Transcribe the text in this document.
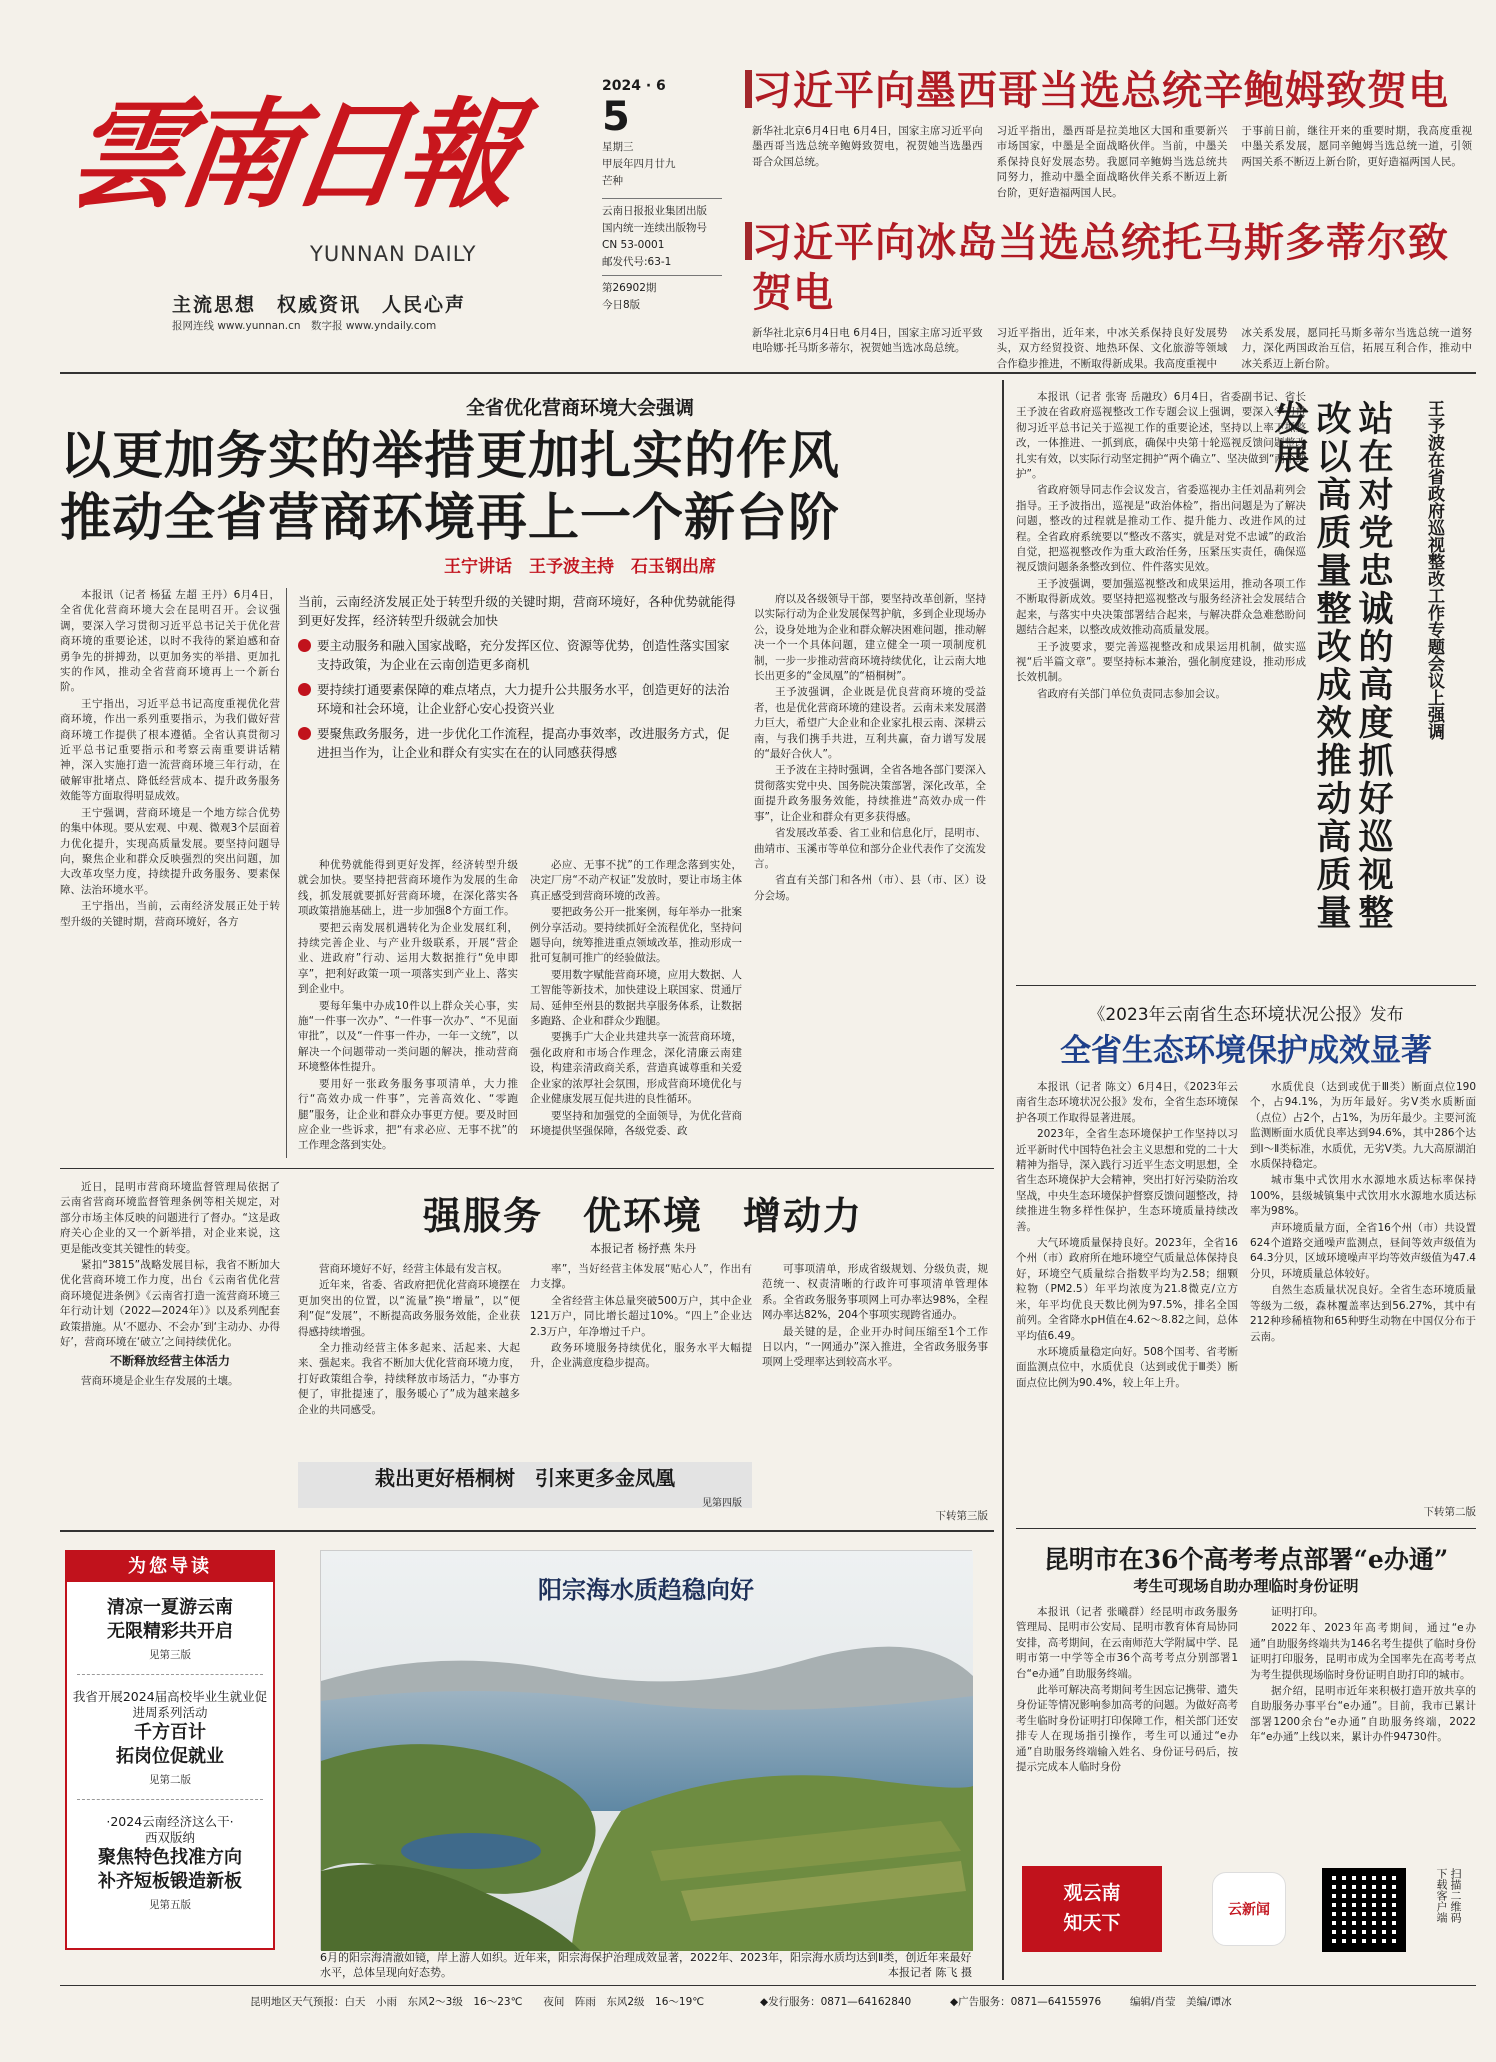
雲南日報
YUNNAN DAILY
主流思想　权威资讯　人民心声
报网连线 www.yunnan.cn　数字报 www.yndaily.com
2024 · 6
5
星期三
甲辰年四月廿九
芒种
云南日报报业集团出版
国内统一连续出版物号
CN 53-0001
邮发代号:63-1
第26902期
今日8版
习近平向墨西哥当选总统辛鲍姆致贺电
新华社北京6月4日电 6月4日，国家主席习近平向墨西哥当选总统辛鲍姆致贺电，祝贺她当选墨西哥合众国总统。
习近平指出，墨西哥是拉美地区大国和重要新兴市场国家，中墨是全面战略伙伴。当前，中墨关系保持良好发展态势。我愿同辛鲍姆当选总统共同努力，推动中墨全面战略伙伴关系不断迈上新台阶，更好造福两国人民。
于事前日前，继往开来的重要时期，我高度重视中墨关系发展，愿同辛鲍姆当选总统一道，引领两国关系不断迈上新台阶，更好造福两国人民。
习近平向冰岛当选总统托马斯多蒂尔致贺电
新华社北京6月4日电 6月4日，国家主席习近平致电哈娜·托马斯多蒂尔，祝贺她当选冰岛总统。
习近平指出，近年来，中冰关系保持良好发展势头，双方经贸投资、地热环保、文化旅游等领域合作稳步推进，不断取得新成果。我高度重视中
冰关系发展，愿同托马斯多蒂尔当选总统一道努力，深化两国政治互信，拓展互利合作，推动中冰关系迈上新台阶。
全省优化营商环境大会强调
以更加务实的举措更加扎实的作风
推动全省营商环境再上一个新台阶
王宁讲话　王予波主持　石玉钢出席

本报讯（记者 杨猛 左超 王丹）6月4日，全省优化营商环境大会在昆明召开。会议强调，要深入学习贯彻习近平总书记关于优化营商环境的重要论述，以时不我待的紧迫感和奋勇争先的拼搏劲，以更加务实的举措、更加扎实的作风，推动全省营商环境再上一个新台阶。

王宁指出，习近平总书记高度重视优化营商环境，作出一系列重要指示，为我们做好营商环境工作提供了根本遵循。全省认真贯彻习近平总书记重要指示和考察云南重要讲话精神，深入实施打造一流营商环境三年行动，在破解审批堵点、降低经营成本、提升政务服务效能等方面取得明显成效。

王宁强调，营商环境是一个地方综合优势的集中体现。要从宏观、中观、微观3个层面着力优化提升，实现高质量发展。要坚持问题导向，聚焦企业和群众反映强烈的突出问题，加大改革攻坚力度，持续提升政务服务、要素保障、法治环境水平。

王宁指出，当前，云南经济发展正处于转型升级的关键时期，营商环境好，各方

当前，云南经济发展正处于转型升级的关键时期，营商环境好，各种优势就能得到更好发挥，经济转型升级就会加快
要主动服务和融入国家战略，充分发挥区位、资源等优势，创造性落实国家支持政策，为企业在云南创造更多商机
要持续打通要素保障的难点堵点，大力提升公共服务水平，创造更好的法治环境和社会环境，让企业舒心安心投资兴业
要聚焦政务服务，进一步优化工作流程，提高办事效率，改进服务方式，促进担当作为，让企业和群众有实实在在的认同感获得感

种优势就能得到更好发挥，经济转型升级就会加快。要坚持把营商环境作为发展的生命线，抓发展就要抓好营商环境，在深化落实各项政策措施基础上，进一步加强8个方面工作。

要把云南发展机遇转化为企业发展红利，持续完善企业、与产业升级联系，开展“营企业、进政府”行动、运用大数据推行“免申即享”，把利好政策一项一项落实到产业上、落实到企业中。

要每年集中办成10件以上群众关心事，实施“一件事一次办”、“一件事一次办”、“不见面审批”，以及“一件事一件办，一年一文统”，以解决一个问题带动一类问题的解决，推动营商环境整体性提升。

要用好一张政务服务事项清单，大力推行“高效办成一件事”，完善高效化、“零跑腿”服务，让企业和群众办事更方便。要及时回应企业一些诉求，把“有求必应、无事不扰”的工作理念落到实处。

必应、无事不扰”的工作理念落到实处，决定厂房“不动产权证”发放时，要让市场主体真正感受到营商环境的改善。

要把政务公开一批案例，每年举办一批案例分享活动。要持续抓好全流程优化，坚持问题导向，统筹推进重点领域改革，推动形成一批可复制可推广的经验做法。

要用数字赋能营商环境，应用大数据、人工智能等新技术，加快建设上联国家、贯通厅局、延伸至州县的数据共享服务体系，让数据多跑路、企业和群众少跑腿。

要携手广大企业共建共享一流营商环境，强化政府和市场合作理念，深化清廉云南建设，构建亲清政商关系，营造真诚尊重和关爱企业家的浓厚社会氛围，形成营商环境优化与企业健康发展互促共进的良性循环。

要坚持和加强党的全面领导，为优化营商环境提供坚强保障，各级党委、政

府以及各级领导干部，要坚持改革创新，坚持以实际行动为企业发展保驾护航，多到企业现场办公，设身处地为企业和群众解决困难问题，推动解决一个一个具体问题，建立健全一项一项制度机制，一步一步推动营商环境持续优化，让云南大地长出更多的“金凤凰”的“梧桐树”。

王予波强调，企业既是优良营商环境的受益者，也是优化营商环境的建设者。云南未来发展潜力巨大，希望广大企业和企业家扎根云南、深耕云南，与我们携手共进，互利共赢，奋力谱写发展的“最好合伙人”。

王予波在主持时强调，全省各地各部门要深入贯彻落实党中央、国务院决策部署，深化改革，全面提升政务服务效能，持续推进“高效办成一件事”，让企业和群众有更多获得感。

省发展改革委、省工业和信息化厅，昆明市、曲靖市、玉溪市等单位和部分企业代表作了交流发言。

省直有关部门和各州（市）、县（市、区）设分会场。

本报讯（记者 张寄 岳融玫）6月4日，省委副书记、省长王予波在省政府巡视整改工作专题会议上强调，要深入学习贯彻习近平总书记关于巡视工作的重要论述，坚持以上率下抓整改，一体推进、一抓到底，确保中央第十轮巡视反馈问题整改扎实有效，以实际行动坚定拥护“两个确立”、坚决做到“两个维护”。

省政府领导同志作会议发言，省委巡视办主任刘晶莉列会指导。王予波指出，巡视是“政治体检”，指出问题是为了解决问题，整改的过程就是推动工作、提升能力、改进作风的过程。全省政府系统要以“整改不落实，就是对党不忠诚”的政治自觉，把巡视整改作为重大政治任务，压紧压实责任，确保巡视反馈问题条条整改到位、件件落实见效。

王予波强调，要加强巡视整改和成果运用，推动各项工作不断取得新成效。要坚持把巡视整改与服务经济社会发展结合起来，与落实中央决策部署结合起来，与解决群众急难愁盼问题结合起来，以整改成效推动高质量发展。

王予波要求，要完善巡视整改和成果运用机制，做实巡视“后半篇文章”。要坚持标本兼治，强化制度建设，推动形成长效机制。

省政府有关部门单位负责同志参加会议。	站在对党忠诚的高度抓好巡视整改以高质量整改成效推动高质量发展	王予波在省政府巡视整改工作专题会议上强调
《2023年云南省生态环境状况公报》发布
全省生态环境保护成效显著

本报讯（记者 陈文）6月4日，《2023年云南省生态环境状况公报》发布，全省生态环境保护各项工作取得显著进展。

2023年，全省生态环境保护工作坚持以习近平新时代中国特色社会主义思想和党的二十大精神为指导，深入践行习近平生态文明思想，全省生态环境保护大会精神，突出打好污染防治攻坚战，中央生态环境保护督察反馈问题整改，持续推进生物多样性保护，生态环境质量持续改善。

大气环境质量保持良好。2023年，全省16个州（市）政府所在地环境空气质量总体保持良好，环境空气质量综合指数平均为2.58；细颗粒物（PM2.5）年平均浓度为21.8微克/立方米，年平均优良天数比例为97.5%，排名全国前列。全省降水pH值在4.62～8.82之间，总体平均值6.49。

水环境质量稳定向好。508个国考、省考断面监测点位中，水质优良（达到或优于Ⅲ类）断面点位比例为90.4%，较上年上升。

水质优良（达到或优于Ⅲ类）断面点位190个，占94.1%，为历年最好。劣Ⅴ类水质断面（点位）占2个，占1%，为历年最少。主要河流监测断面水质优良率达到94.6%，其中286个达到Ⅰ～Ⅱ类标准，水质优，无劣Ⅴ类。九大高原湖泊水质保持稳定。

城市集中式饮用水水源地水质达标率保持100%，县级城镇集中式饮用水水源地水质达标率为98%。

声环境质量方面，全省16个州（市）共设置624个道路交通噪声监测点，昼间等效声级值为64.3分贝，区域环境噪声平均等效声级值为47.4分贝，环境质量总体较好。

自然生态质量状况良好。全省生态环境质量等级为二级，森林覆盖率达到56.27%，其中有212种珍稀植物和65种野生动物在中国仅分布于云南。

下转第二版

近日，昆明市营商环境监督管理局依据了云南省营商环境监督管理条例等相关规定，对部分市场主体反映的问题进行了督办。“这是政府关心企业的又一个新举措，对企业来说，这更是能改变其关键性的转变。

紧扣“3815”战略发展目标，我省不断加大优化营商环境工作力度，出台《云南省优化营商环境促进条例》《云南省打造一流营商环境三年行动计划（2022—2024年）》以及系列配套政策措施。从‘不愿办、不会办’到‘主动办、办得好’，营商环境在‘破立’之间持续优化。

不断释放经营主体活力

营商环境是企业生存发展的土壤。

强服务　优环境　增动力
本报记者 杨抒燕 朱丹

营商环境好不好，经营主体最有发言权。

近年来，省委、省政府把优化营商环境摆在更加突出的位置，以“流量”换“增量”，以“便利”促“发展”，不断提高政务服务效能，企业获得感持续增强。

全力推动经营主体多起来、活起来、大起来、强起来。我省不断加大优化营商环境力度，打好政策组合拳，持续释放市场活力，“办事方便了，审批提速了，服务暖心了”成为越来越多企业的共同感受。

率”，当好经营主体发展“贴心人”，作出有力支撑。

全省经营主体总量突破500万户，其中企业121万户，同比增长超过10%。“四上”企业达2.3万户，年净增过千户。

政务环境服务持续优化，服务水平大幅提升，企业满意度稳步提高。

可事项清单，形成省级规划、分级负责，规范统一、权责清晰的行政许可事项清单管理体系。全省政务服务事项网上可办率达98%，全程网办率达82%，204个事项实现跨省通办。

最关键的是，企业开办时间压缩至1个工作日以内，“一网通办”深入推进，全省政务服务事项网上受理率达到较高水平。

栽出更好梧桐树　引来更多金凤凰
见第四版
下转第三版
为您导读
清凉一夏游云南
无限精彩共开启
见第三版
我省开展2024届高校毕业生就业促进周系列活动
千方百计
拓岗位促就业
见第二版
·2024云南经济这么干·
西双版纳
聚焦特色找准方向
补齐短板锻造新板
见第五版
阳宗海水质趋稳向好
6月的阳宗海清澈如镜，岸上游人如织。近年来，阳宗海保护治理成效显著，2022年、2023年，阳宗海水质均达到Ⅱ类，创近年来最好水平，总体呈现向好态势。	本报记者 陈飞 摄
昆明市在36个高考考点部署“e办通”
考生可现场自助办理临时身份证明

本报讯（记者 张曦群）经昆明市政务服务管理局、昆明市公安局、昆明市教育体育局协同安排，高考期间，在云南师范大学附属中学、昆明市第一中学等全市36个高考考点分别部署1台“e办通”自助服务终端。

此举可解决高考期间考生因忘记携带、遗失身份证等情况影响参加高考的问题。为做好高考考生临时身份证明打印保障工作，相关部门还安排专人在现场指引操作，考生可以通过“e办通”自助服务终端输入姓名、身份证号码后，按提示完成本人临时身份

证明打印。

2022年、2023年高考期间，通过“e办通”自助服务终端共为146名考生提供了临时身份证明打印服务，昆明市成为全国率先在高考考点为考生提供现场临时身份证明自助打印的城市。

据介绍，昆明市近年来积极打造开放共享的自助服务办事平台“e办通”。目前，我市已累计部署1200余台“e办通”自助服务终端，2022年“e办通”上线以来，累计办件94730件。

观云南
知天下
云新闻	扫描二维码
下载客户端
昆明地区天气预报：白天　小雨　东风2～3级　16～23℃　　夜间　阵雨　东风2级　16～19℃	◆发行服务：0871—64162840	◆广告服务：0871—64155976	编辑/肖莹　美编/谭冰
